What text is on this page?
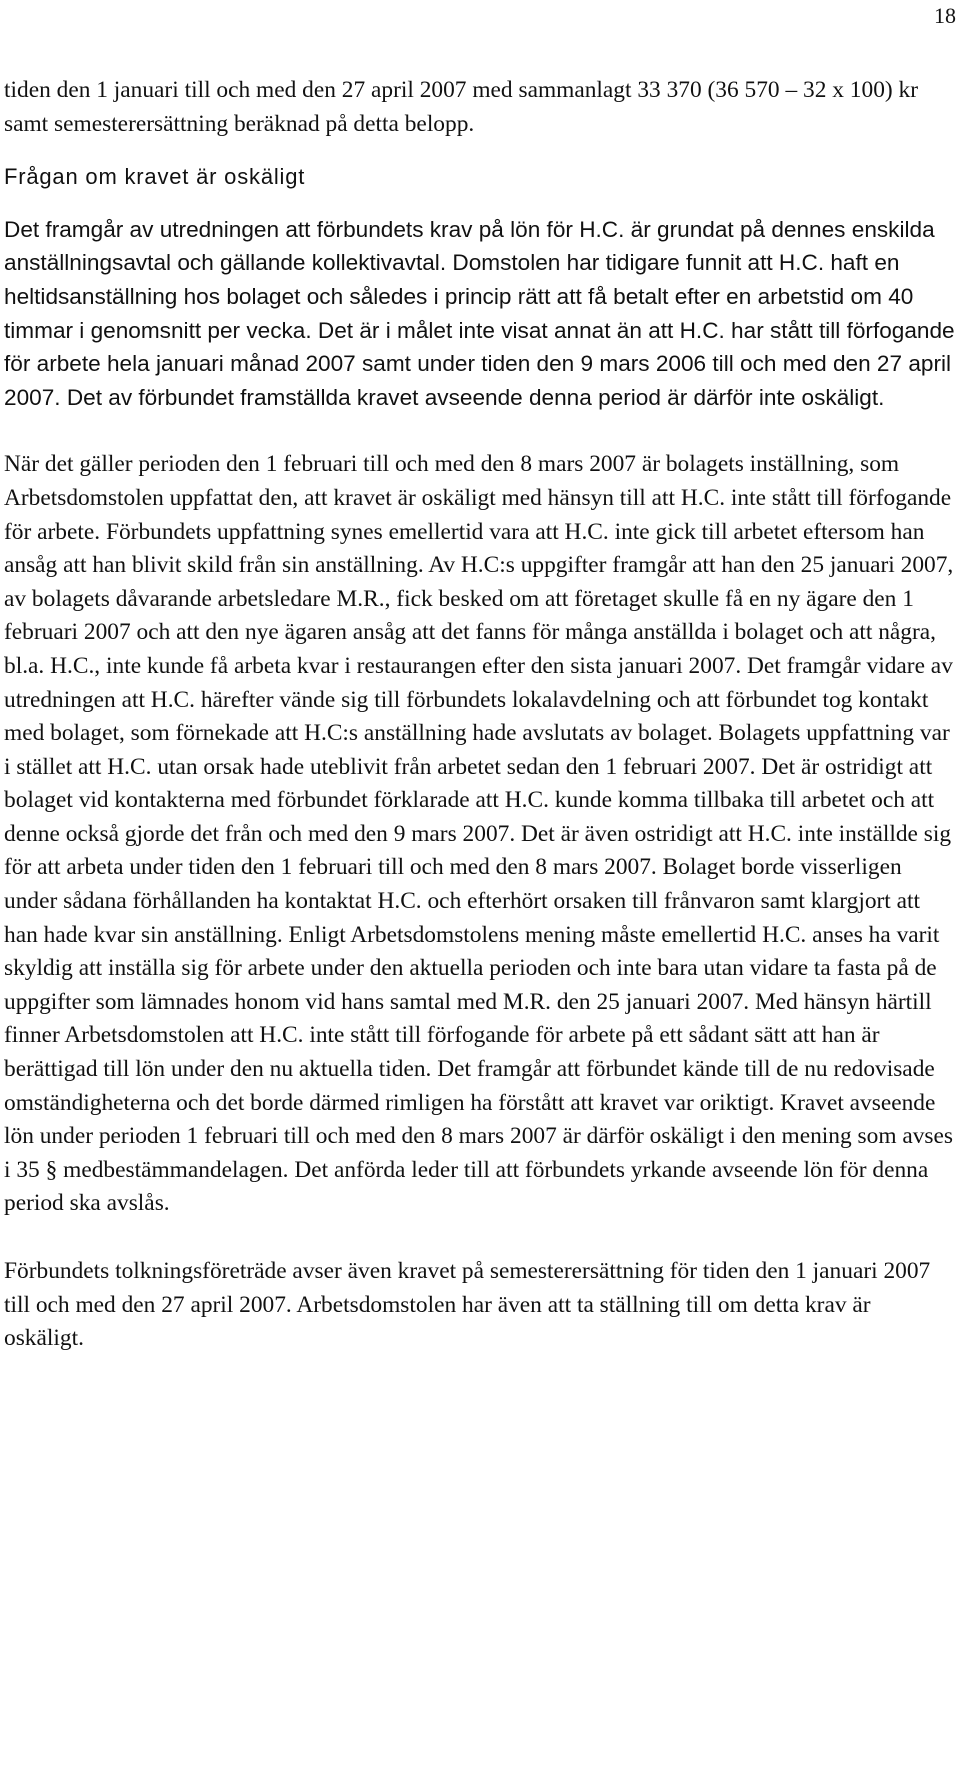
18

tiden den 1 januari till och med den 27 april 2007 med sammanlagt 33 370 (36 570 – 32 x 100) kr samt semesterersättning beräknad på detta belopp.

Frågan om kravet är oskäligt

Det framgår av utredningen att förbundets krav på lön för H.C. är grundat på dennes enskilda anställningsavtal och gällande kollektivavtal. Domstolen har tidigare funnit att H.C. haft en heltidsanställning hos bolaget och således i princip rätt att få betalt efter en arbetstid om 40 timmar i genomsnitt per vecka. Det är i målet inte visat annat än att H.C. har stått till förfogande för arbete hela januari månad 2007 samt under tiden den 9 mars 2006 till och med den 27 april 2007. Det av förbundet framställda kravet avseende denna period är därför inte oskäligt.

När det gäller perioden den 1 februari till och med den 8 mars 2007 är bolagets inställning, som Arbetsdomstolen uppfattat den, att kravet är oskäligt med hänsyn till att H.C. inte stått till förfogande för arbete. Förbundets uppfattning synes emellertid vara att H.C. inte gick till arbetet eftersom han ansåg att han blivit skild från sin anställning. Av H.C:s uppgifter framgår att han den 25 januari 2007, av bolagets dåvarande arbetsledare M.R., fick besked om att företaget skulle få en ny ägare den 1 februari 2007 och att den nye ägaren ansåg att det fanns för många anställda i bolaget och att några, bl.a. H.C., inte kunde få arbeta kvar i restaurangen efter den sista januari 2007. Det framgår vidare av utredningen att H.C. härefter vände sig till förbundets lokalavdelning och att förbundet tog kontakt med bolaget, som förnekade att H.C:s anställning hade avslutats av bolaget. Bolagets uppfattning var i stället att H.C. utan orsak hade uteblivit från arbetet sedan den 1 februari 2007. Det är ostridigt att bolaget vid kontakterna med förbundet förklarade att H.C. kunde komma tillbaka till arbetet och att denne också gjorde det från och med den 9 mars 2007. Det är även ostridigt att H.C. inte inställde sig för att arbeta under tiden den 1 februari till och med den 8 mars 2007. Bolaget borde visserligen under sådana förhållanden ha kontaktat H.C. och efterhört orsaken till frånvaron samt klargjort att han hade kvar sin anställning. Enligt Arbetsdomstolens mening måste emellertid H.C. anses ha varit skyldig att inställa sig för arbete under den aktuella perioden och inte bara utan vidare ta fasta på de uppgifter som lämnades honom vid hans samtal med M.R. den 25 januari 2007. Med hänsyn härtill finner Arbetsdomstolen att H.C. inte stått till förfogande för arbete på ett sådant sätt att han är berättigad till lön under den nu aktuella tiden. Det framgår att förbundet kände till de nu redovisade omständigheterna och det borde därmed rimligen ha förstått att kravet var oriktigt. Kravet avseende lön under perioden 1 februari till och med den 8 mars 2007 är därför oskäligt i den mening som avses i 35 § medbestämmandelagen. Det anförda leder till att förbundets yrkande avseende lön för denna period ska avslås.

Förbundets tolkningsföreträde avser även kravet på semesterersättning för tiden den 1 januari 2007 till och med den 27 april 2007. Arbetsdomstolen har även att ta ställning till om detta krav är oskäligt.
